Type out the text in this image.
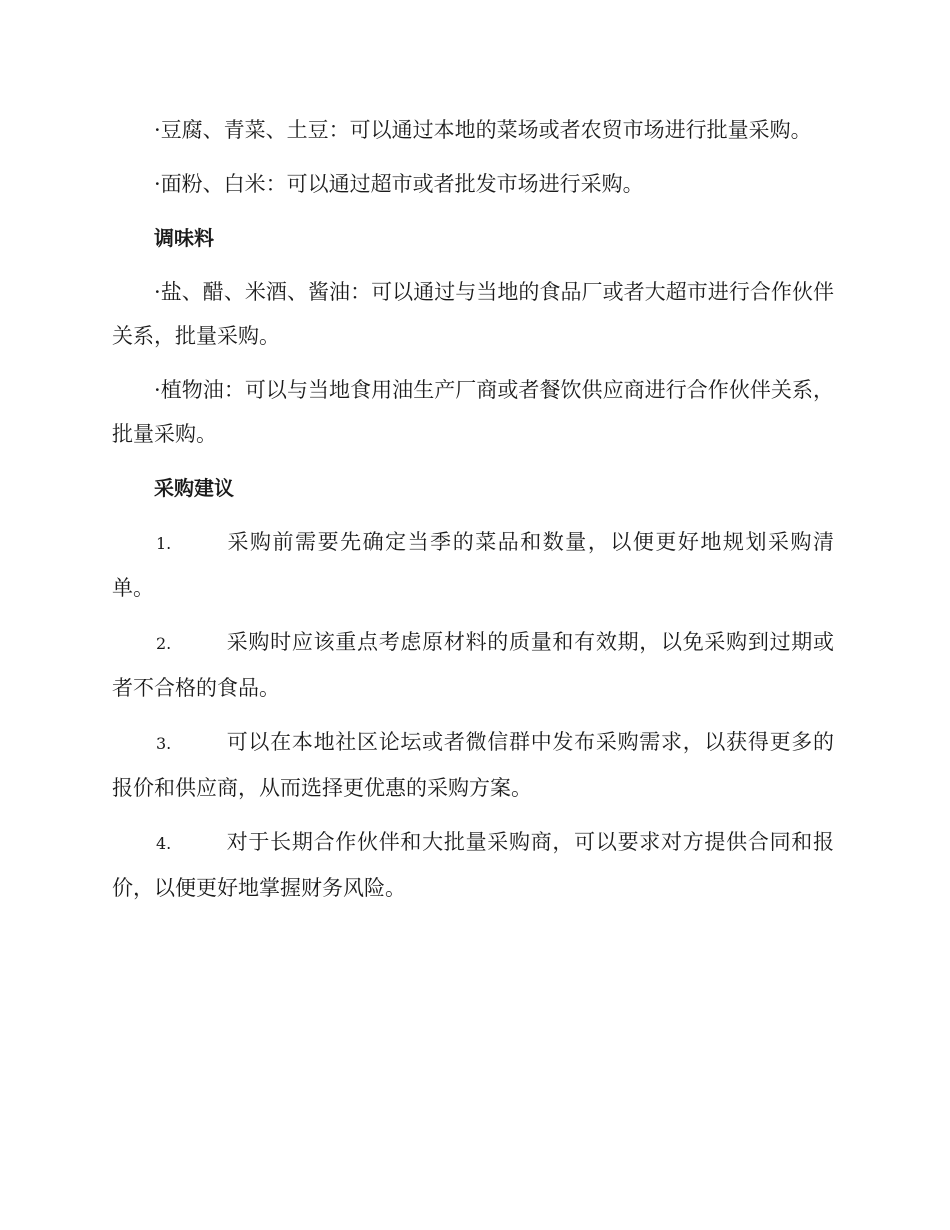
·豆腐、青菜、土豆：可以通过本地的菜场或者农贸市场进行批量采购。

·面粉、白米：可以通过超市或者批发市场进行采购。

调味料

·盐、醋、米酒、酱油：可以通过与当地的食品厂或者大超市进行合作伙伴关系，批量采购。

·植物油：可以与当地食用油生产厂商或者餐饮供应商进行合作伙伴关系，批量采购。

采购建议

1.	采购前需要先确定当季的菜品和数量，以便更好地规划采购清单。

2.	采购时应该重点考虑原材料的质量和有效期，以免采购到过期或者不合格的食品。

3.	可以在本地社区论坛或者微信群中发布采购需求，以获得更多的报价和供应商，从而选择更优惠的采购方案。

4.	对于长期合作伙伴和大批量采购商，可以要求对方提供合同和报价，以便更好地掌握财务风险。
